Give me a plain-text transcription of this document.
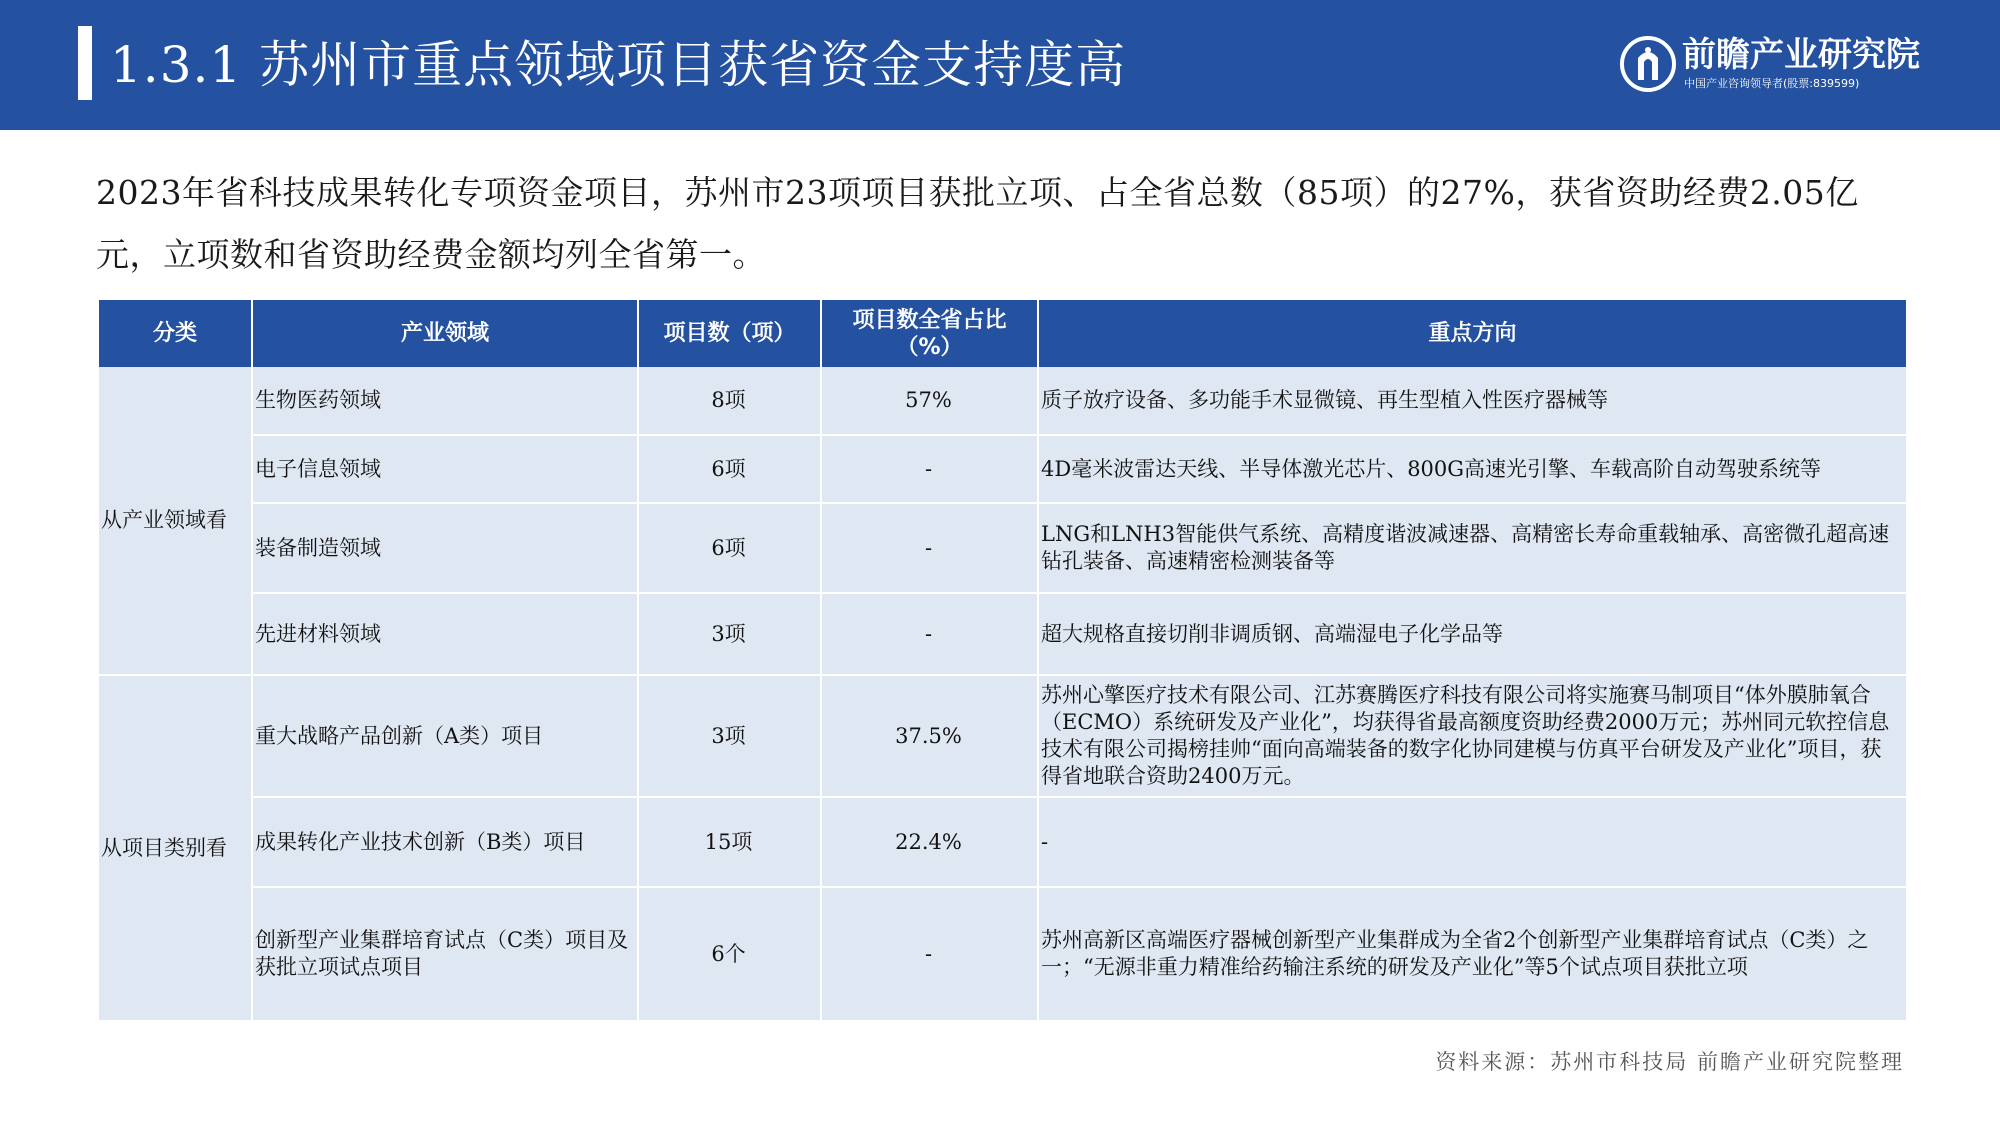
1.3.1 苏州市重点领域项目获省资金支持度高	前瞻产业研究院
中国产业咨询领导者(股票:839599)
2023年省科技成果转化专项资金项目，苏州市23项项目获批立项、占全省总数（85项）的27%，获省资助经费2.05亿元，立项数和省资助经费金额均列全省第一。
分类	产业领域	项目数（项）	项目数全省占比（%）	重点方向
从产业领域看	生物医药领域	8项	57%	质子放疗设备、多功能手术显微镜、再生型植入性医疗器械等
	电子信息领域	6项	-	4D毫米波雷达天线、半导体激光芯片、800G高速光引擎、车载高阶自动驾驶系统等
	装备制造领域	6项	-	LNG和LNH3智能供气系统、高精度谐波减速器、高精密长寿命重载轴承、高密微孔超高速钻孔装备、高速精密检测装备等
	先进材料领域	3项	-	超大规格直接切削非调质钢、高端湿电子化学品等
从项目类别看	重大战略产品创新（A类）项目	3项	37.5%	苏州心擎医疗技术有限公司、江苏赛腾医疗科技有限公司将实施赛马制项目“体外膜肺氧合（ECMO）系统研发及产业化”，均获得省最高额度资助经费2000万元；苏州同元软控信息技术有限公司揭榜挂帅“面向高端装备的数字化协同建模与仿真平台研发及产业化”项目，获得省地联合资助2400万元。
	成果转化产业技术创新（B类）项目	15项	22.4%	-
	创新型产业集群培育试点（C类）项目及获批立项试点项目	6个	-	苏州高新区高端医疗器械创新型产业集群成为全省2个创新型产业集群培育试点（C类）之一；“无源非重力精准给药输注系统的研发及产业化”等5个试点项目获批立项
资料来源：苏州市科技局 前瞻产业研究院整理
